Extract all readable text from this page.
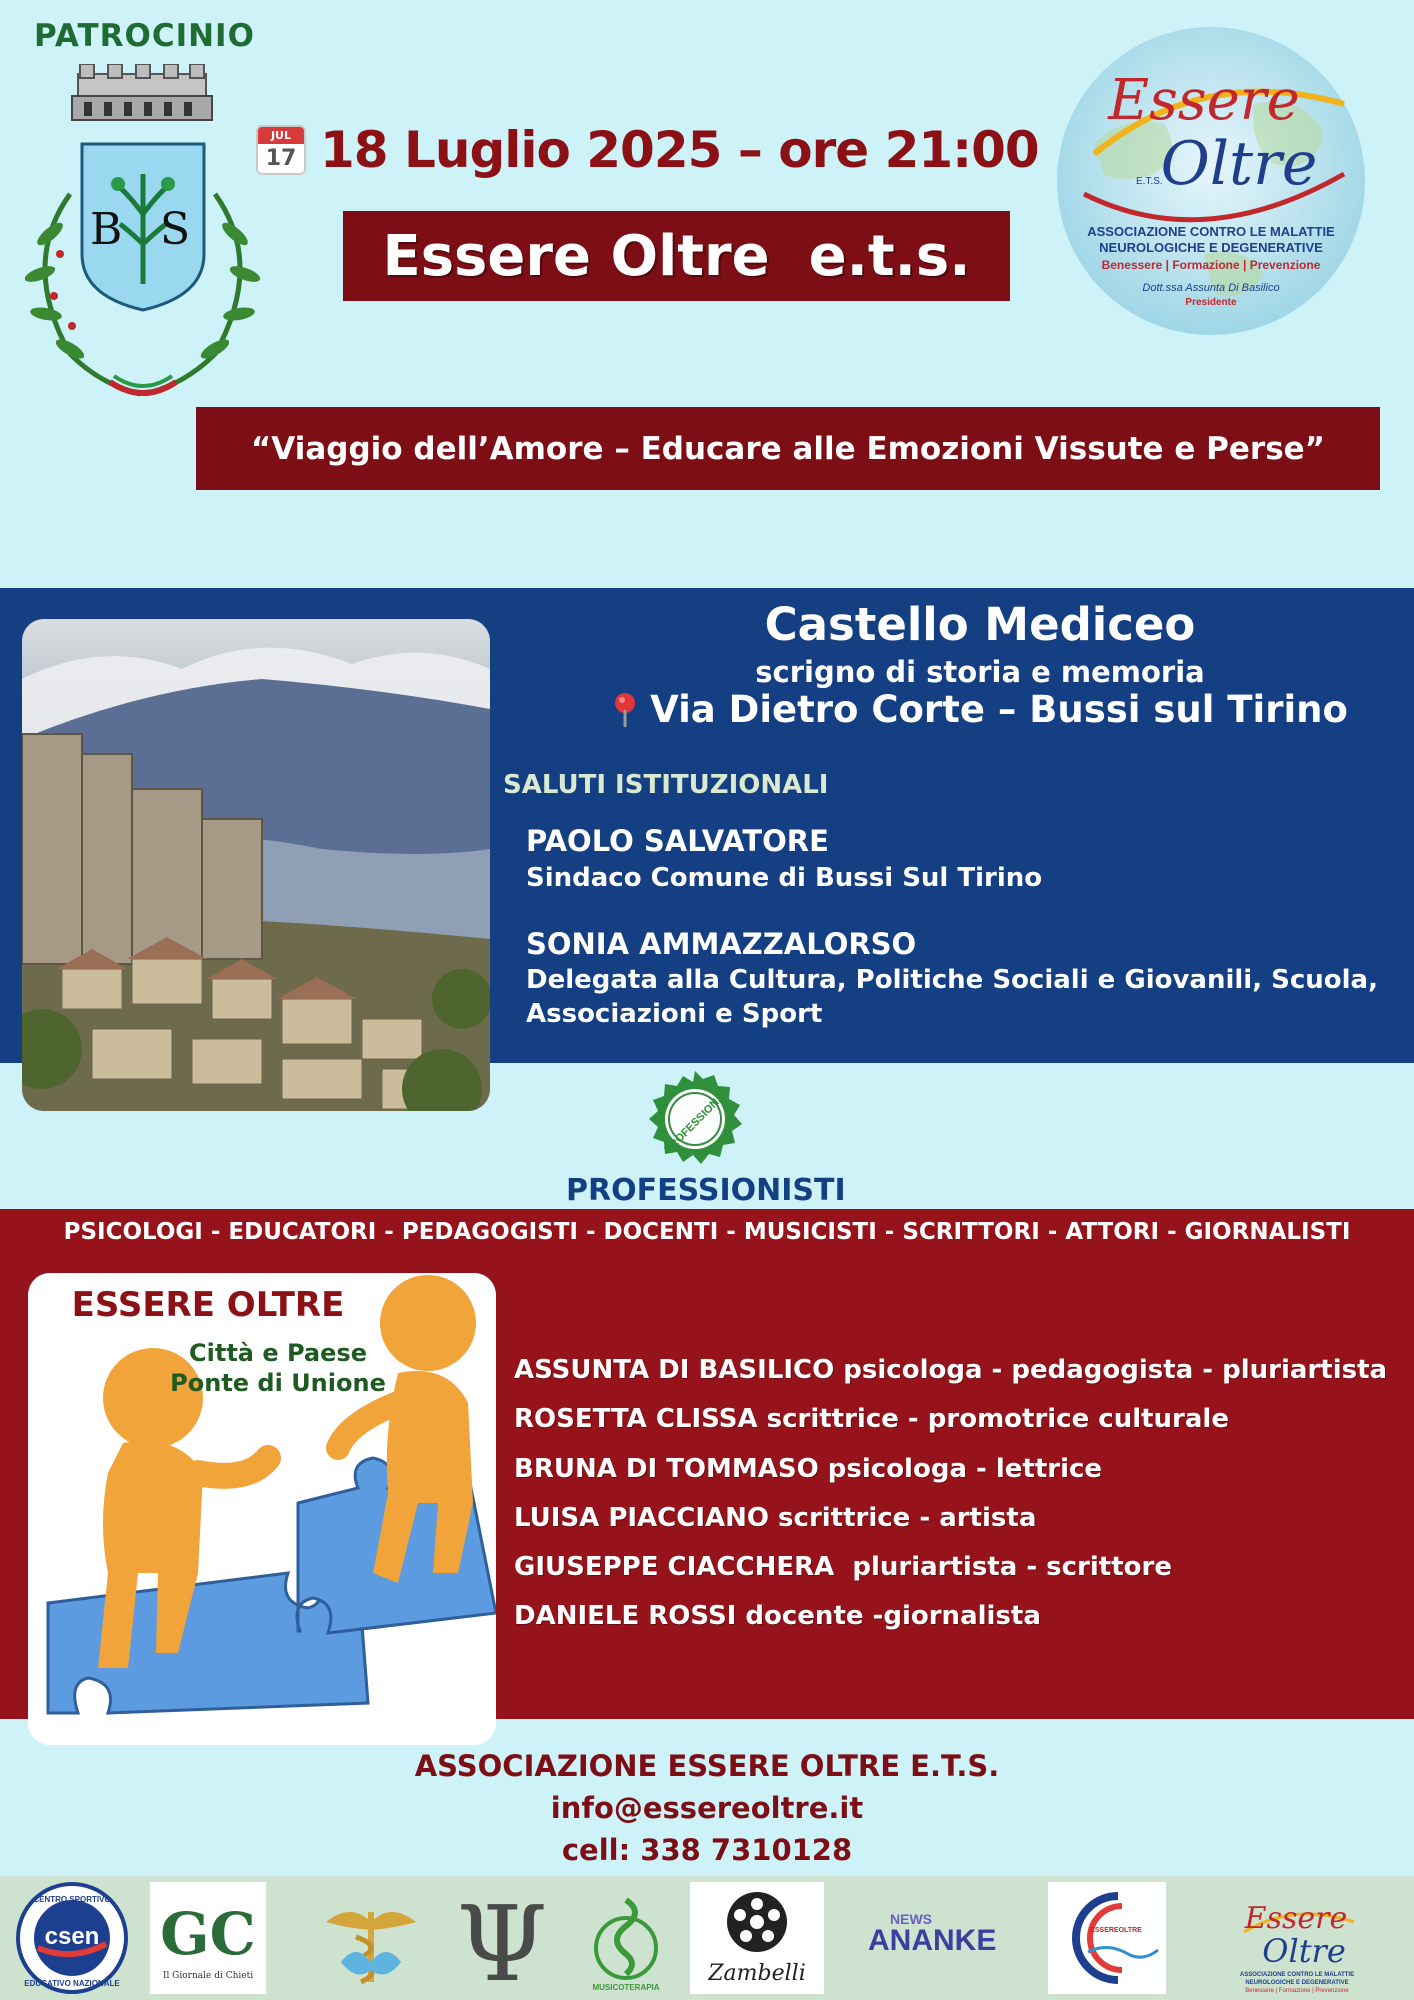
PATROCINIO
B S
JUL
17 18 Luglio 2025 – ore 21:00
Essere Oltre  e.t.s.
Essere
Oltre
E.T.S.
ASSOCIAZIONE CONTRO LE MALATTIE
NEUROLOGICHE E DEGENERATIVE
Benessere | Formazione | Prevenzione
Dott.ssa Assunta Di Basilico
Presidente
“Viaggio dell’Amore – Educare alle Emozioni Vissute e Perse”
Castello Mediceo
scrigno di storia e memoria
Via Dietro Corte – Bussi sul Tirino
SALUTI ISTITUZIONALI
PAOLO SALVATORE
Sindaco Comune di Bussi Sul Tirino
SONIA AMMAZZALORSO
Delegata alla Cultura, Politiche Sociali e Giovanili, Scuola,
Associazioni e Sport
PROFESSIONAL
PROFESSIONISTI
PSICOLOGI - EDUCATORI - PEDAGOGISTI - DOCENTI - MUSICISTI - SCRITTORI - ATTORI - GIORNALISTI
ESSERE OLTRE
Città e Paese
Ponte di Unione	ASSUNTA DI BASILICO psicologa - pedagogista - pluriartista
ROSETTA CLISSA scrittrice - promotrice culturale
BRUNA DI TOMMASO psicologa - lettrice
LUISA PIACCIANO scrittrice - artista
GIUSEPPE CIACCHERA  pluriartista - scrittore
DANIELE ROSSI docente -giornalista
ASSOCIAZIONE ESSERE OLTRE E.T.S.
info@essereoltre.it
cell: 338 7310128
csen
CENTRO SPORTIVO
EDUCATIVO NAZIONALE
GC
Il Giornale di Chieti Ψ	MUSICOTERAPIA
Zambelli
NEWS
ANANKE	ESSEREOLTRE	Essere
Oltre
ASSOCIAZIONE CONTRO LE MALATTIE
NEUROLOGICHE E DEGENERATIVE
Benessere | Formazione | Prevenzione
